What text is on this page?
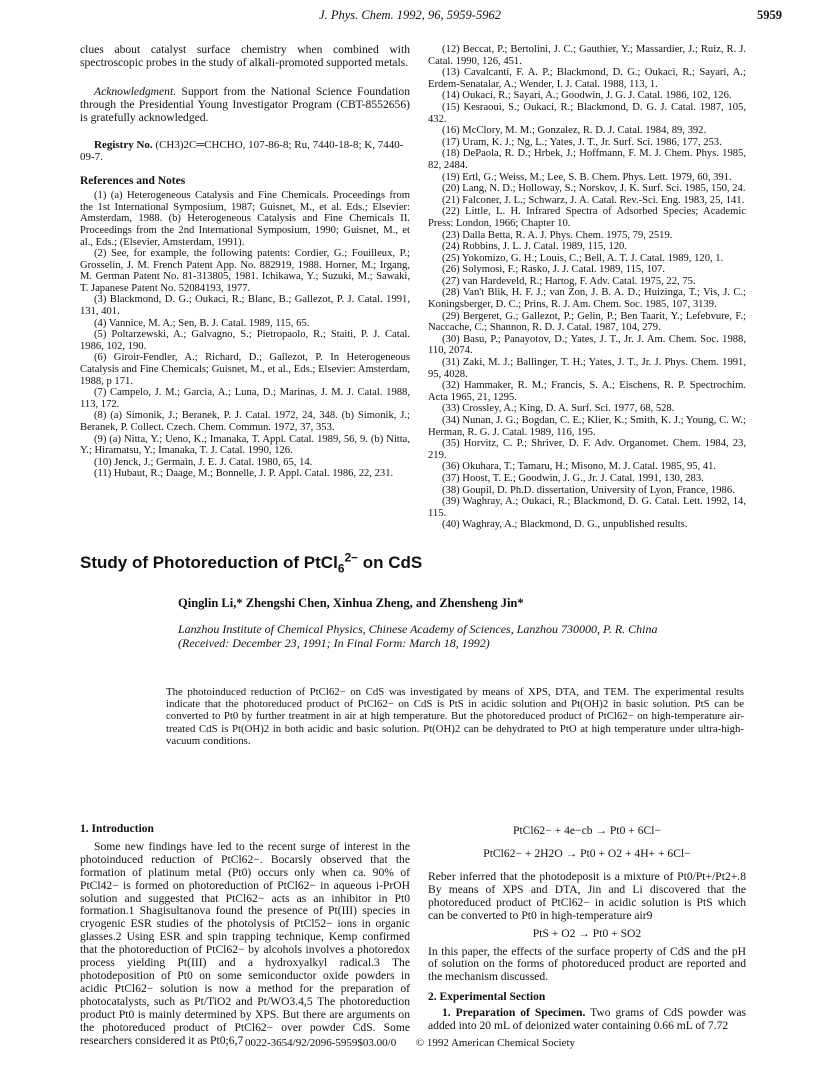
J. Phys. Chem. 1992, 96, 5959-5962	5959

clues about catalyst surface chemistry when combined with spectroscopic probes in the study of alkali-promoted supported metals.

Acknowledgment. Support from the National Science Foundation through the Presidential Young Investigator Program (CBT-8552656) is gratefully acknowledged.

Registry No. (CH3)2C═CHCHO, 107-86-8; Ru, 7440-18-8; K, 7440-09-7.

References and Notes

(1) (a) Heterogeneous Catalysis and Fine Chemicals. Proceedings from the 1st International Symposium, 1987; Guisnet, M., et al. Eds.; Elsevier: Amsterdam, 1988. (b) Heterogeneous Catalysis and Fine Chemicals II. Proceedings from the 2nd International Symposium, 1990; Guisnet, M., et al., Eds.; (Elsevier, Amsterdam, 1991).

(2) See, for example, the following patents: Cordier, G.; Fouilleux, P.; Grosselin, J. M. French Patent App. No. 882919, 1988. Horner, M.; Irgang, M. German Patent No. 81-313805, 1981. Ichikawa, Y.; Suzuki, M.; Sawaki, T. Japanese Patent No. 52084193, 1977.

(3) Blackmond, D. G.; Oukaci, R.; Blanc, B.; Gallezot, P. J. Catal. 1991, 131, 401.

(4) Vannice, M. A.; Sen, B. J. Catal. 1989, 115, 65.

(5) Poltarzewski, A.; Galvagno, S.; Pietropaolo, R.; Staiti, P. J. Catal. 1986, 102, 190.

(6) Giroir-Fendler, A.; Richard, D.; Gallezot, P. In Heterogeneous Catalysis and Fine Chemicals; Guisnet, M., et al., Eds.; Elsevier: Amsterdam, 1988, p 171.

(7) Campelo, J. M.; Garcia, A.; Luna, D.; Marinas, J. M. J. Catal. 1988, 113, 172.

(8) (a) Simonik, J.; Beranek, P. J. Catal. 1972, 24, 348. (b) Simonik, J.; Beranek, P. Collect. Czech. Chem. Commun. 1972, 37, 353.

(9) (a) Nitta, Y.; Ueno, K.; Imanaka, T. Appl. Catal. 1989, 56, 9. (b) Nitta, Y.; Hiramatsu, Y.; Imanaka, T. J. Catal. 1990, 126.

(10) Jenck, J.; Germain, J. E. J. Catal. 1980, 65, 14.

(11) Hubaut, R.; Daage, M.; Bonnelle, J. P. Appl. Catal. 1986, 22, 231.

(12) Beccat, P.; Bertolini, J. C.; Gauthier, Y.; Massardier, J.; Ruiz, R. J. Catal. 1990, 126, 451.

(13) Cavalcanti, F. A. P.; Blackmond, D. G.; Oukaci, R.; Sayari, A.; Erdem-Senatalar, A.; Wender, I. J. Catal. 1988, 113, 1.

(14) Oukaci, R.; Sayari, A.; Goodwin, J. G. J. Catal. 1986, 102, 126.

(15) Kesraoui, S.; Oukaci, R.; Blackmond, D. G. J. Catal. 1987, 105, 432.

(16) McClory, M. M.; Gonzalez, R. D. J. Catal. 1984, 89, 392.

(17) Uram, K. J.; Ng, L.; Yates, J. T., Jr. Surf. Sci. 1986, 177, 253.

(18) DePaola, R. D.; Hrbek, J.; Hoffmann, F. M. J. Chem. Phys. 1985, 82, 2484.

(19) Ertl, G.; Weiss, M.; Lee, S. B. Chem. Phys. Lett. 1979, 60, 391.

(20) Lang, N. D.; Holloway, S.; Norskov, J. K. Surf. Sci. 1985, 150, 24.

(21) Falconer, J. L.; Schwarz, J. A. Catal. Rev.-Sci. Eng. 1983, 25, 141.

(22) Little, L. H. Infrared Spectra of Adsorbed Species; Academic Press: London, 1966; Chapter 10.

(23) Dalla Betta, R. A. J. Phys. Chem. 1975, 79, 2519.

(24) Robbins, J. L. J. Catal. 1989, 115, 120.

(25) Yokomizo, G. H.; Louis, C.; Bell, A. T. J. Catal. 1989, 120, 1.

(26) Solymosi, F.; Rasko, J. J. Catal. 1989, 115, 107.

(27) van Hardeveld, R.; Hartog, F. Adv. Catal. 1975, 22, 75.

(28) Van't Blik, H. F. J.; van Zon, J. B. A. D.; Huizinga, T.; Vis, J. C.; Koningsberger, D. C.; Prins, R. J. Am. Chem. Soc. 1985, 107, 3139.

(29) Bergeret, G.; Gallezot, P.; Gelin, P.; Ben Taarit, Y.; Lefebvure, F.; Naccache, C.; Shannon, R. D. J. Catal. 1987, 104, 279.

(30) Basu, P.; Panayotov, D.; Yates, J. T., Jr. J. Am. Chem. Soc. 1988, 110, 2074.

(31) Zaki, M. J.; Ballinger, T. H.; Yates, J. T., Jr. J. Phys. Chem. 1991, 95, 4028.

(32) Hammaker, R. M.; Francis, S. A.; Eischens, R. P. Spectrochim. Acta 1965, 21, 1295.

(33) Crossley, A.; King, D. A. Surf. Sci. 1977, 68, 528.

(34) Nunan, J. G.; Bogdan, C. E.; Klier, K.; Smith, K. J.; Young, C. W.; Herman, R. G. J. Catal. 1989, 116, 195.

(35) Horvitz, C. P.; Shriver, D. F. Adv. Organomet. Chem. 1984, 23, 219.

(36) Okuhara, T.; Tamaru, H.; Misono, M. J. Catal. 1985, 95, 41.

(37) Hoost, T. E.; Goodwin, J. G., Jr. J. Catal. 1991, 130, 283.

(38) Goupil, D. Ph.D. dissertation, University of Lyon, France, 1986.

(39) Waghray, A.; Oukaci, R.; Blackmond, D. G. Catal. Lett. 1992, 14, 115.

(40) Waghray, A.; Blackmond, D. G., unpublished results.

Study of Photoreduction of PtCl$_6^{2-}$ on CdS
Qinglin Li,* Zhengshi Chen, Xinhua Zheng, and Zhensheng Jin*
Lanzhou Institute of Chemical Physics, Chinese Academy of Sciences, Lanzhou 730000, P. R. China
(Received: December 23, 1991; In Final Form: March 18, 1992)
The photoinduced reduction of PtCl62− on CdS was investigated by means of XPS, DTA, and TEM. The experimental results indicate that the photoreduced product of PtCl62− on CdS is PtS in acidic solution and Pt(OH)2 in basic solution. PtS can be converted to Pt0 by further treatment in air at high temperature. But the photoreduced product of PtCl62− on high-temperature air-treated CdS is Pt(OH)2 in both acidic and basic solution. Pt(OH)2 can be dehydrated to PtO at high temperature under ultra-high-vacuum conditions.

1. Introduction

Some new findings have led to the recent surge of interest in the photoinduced reduction of PtCl62−. Bocarsly observed that the formation of platinum metal (Pt0) occurs only when ca. 90% of PtCl42− is formed on photoreduction of PtCl62− in aqueous i-PrOH solution and suggested that PtCl62− acts as an inhibitor in Pt0 formation.1 Shagisultanova found the presence of Pt(III) species in cryogenic ESR studies of the photolysis of PtCl52− ions in organic glasses.2 Using ESR and spin trapping technique, Kemp confirmed that the photoreduction of PtCl62− by alcohols involves a photoredox process yielding Pt(III) and a hydroxyalkyl radical.3 The photodeposition of Pt0 on some semiconductor oxide powders in acidic PtCl62− solution is now a method for the preparation of photocatalysts, such as Pt/TiO2 and Pt/WO3.4,5 The photoreduction product Pt0 is mainly determined by XPS. But there are arguments on the photoreduced product of PtCl62− over powder CdS. Some researchers considered it as Pt0;6,7

PtCl62− + 4e−cb → Pt0 + 6Cl−
PtCl62− + 2H2O → Pt0 + O2 + 4H+ + 6Cl−

Reber inferred that the photodeposit is a mixture of Pt0/Pt+/Pt2+.8 By means of XPS and DTA, Jin and Li discovered that the photoreduced product of PtCl62− in acidic solution is PtS which can be converted to Pt0 in high-temperature air9

PtS + O2 → Pt0 + SO2

In this paper, the effects of the surface property of CdS and the pH of solution on the forms of photoreduced product are reported and the mechanism discussed.

2. Experimental Section

1. Preparation of Specimen. Two grams of CdS powder was added into 20 mL of deionized water containing 0.66 mL of 7.72

0022-3654/92/2096-5959$03.00/0 © 1992 American Chemical Society
